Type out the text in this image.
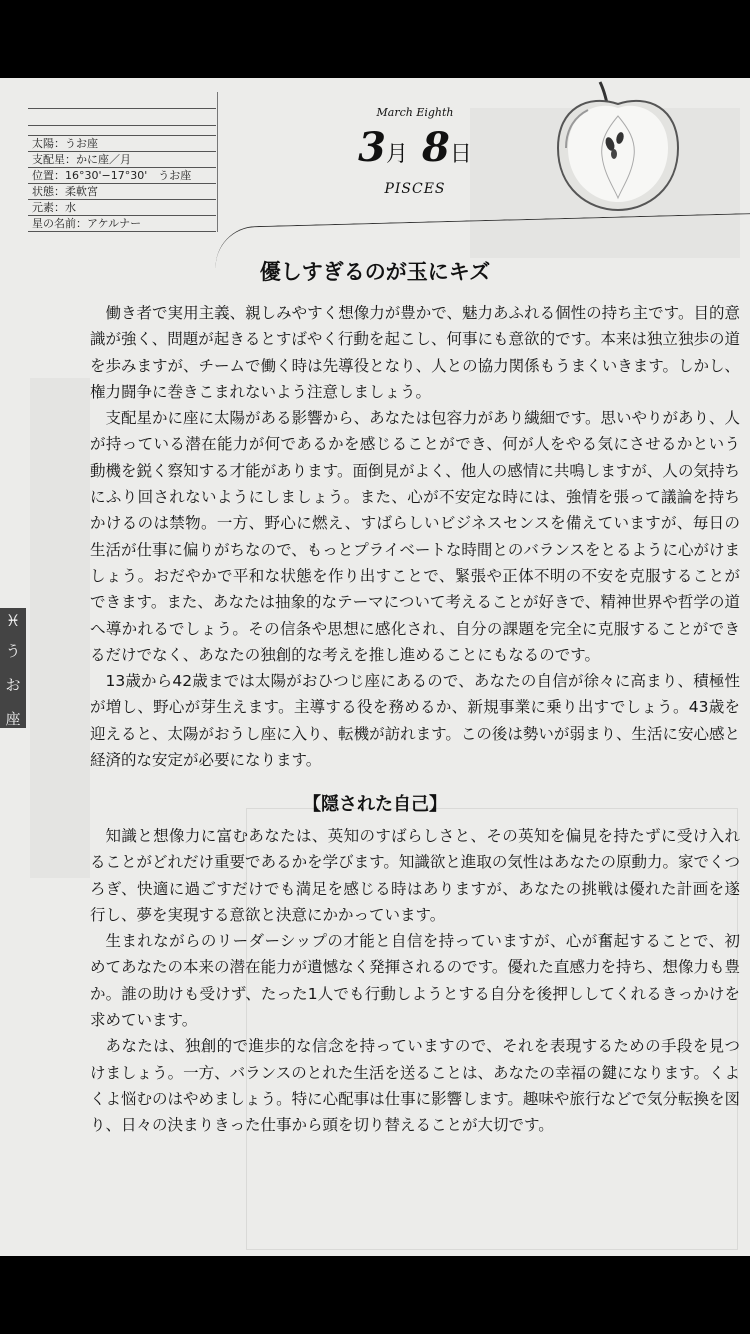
太陽：うお座
支配星：かに座／月
位置：16°30'−17°30'　うお座
状態：柔軟宮
元素：水
星の名前：アケルナー
March Eighth
3月 8日
PISCES
♓
う
お
座
優しすぎるのが玉にキズ

働き者で実用主義、親しみやすく想像力が豊かで、魅力あふれる個性の持ち主です。目的意識が強く、問題が起きるとすばやく行動を起こし、何事にも意欲的です。本来は独立独歩の道を歩みますが、チームで働く時は先導役となり、人との協力関係もうまくいきます。しかし、権力闘争に巻きこまれないよう注意しましょう。

支配星かに座に太陽がある影響から、あなたは包容力があり繊細です。思いやりがあり、人が持っている潜在能力が何であるかを感じることができ、何が人をやる気にさせるかという動機を鋭く察知する才能があります。面倒見がよく、他人の感情に共鳴しますが、人の気持ちにふり回されないようにしましょう。また、心が不安定な時には、強情を張って議論を持ちかけるのは禁物。一方、野心に燃え、すばらしいビジネスセンスを備えていますが、毎日の生活が仕事に偏りがちなので、もっとプライベートな時間とのバランスをとるように心がけましょう。おだやかで平和な状態を作り出すことで、緊張や正体不明の不安を克服することができます。また、あなたは抽象的なテーマについて考えることが好きで、精神世界や哲学の道へ導かれるでしょう。その信条や思想に感化され、自分の課題を完全に克服することができるだけでなく、あなたの独創的な考えを推し進めることにもなるのです。

13歳から42歳までは太陽がおひつじ座にあるので、あなたの自信が徐々に高まり、積極性が増し、野心が芽生えます。主導する役を務めるか、新規事業に乗り出すでしょう。43歳を迎えると、太陽がおうし座に入り、転機が訪れます。この後は勢いが弱まり、生活に安心感と経済的な安定が必要になります。

【隠された自己】

知識と想像力に富むあなたは、英知のすばらしさと、その英知を偏見を持たずに受け入れることがどれだけ重要であるかを学びます。知識欲と進取の気性はあなたの原動力。家でくつろぎ、快適に過ごすだけでも満足を感じる時はありますが、あなたの挑戦は優れた計画を遂行し、夢を実現する意欲と決意にかかっています。

生まれながらのリーダーシップの才能と自信を持っていますが、心が奮起することで、初めてあなたの本来の潜在能力が遺憾なく発揮されるのです。優れた直感力を持ち、想像力も豊か。誰の助けも受けず、たった1人でも行動しようとする自分を後押ししてくれるきっかけを求めています。

あなたは、独創的で進歩的な信念を持っていますので、それを表現するための手段を見つけましょう。一方、バランスのとれた生活を送ることは、あなたの幸福の鍵になります。くよくよ悩むのはやめましょう。特に心配事は仕事に影響します。趣味や旅行などで気分転換を図り、日々の決まりきった仕事から頭を切り替えることが大切です。
